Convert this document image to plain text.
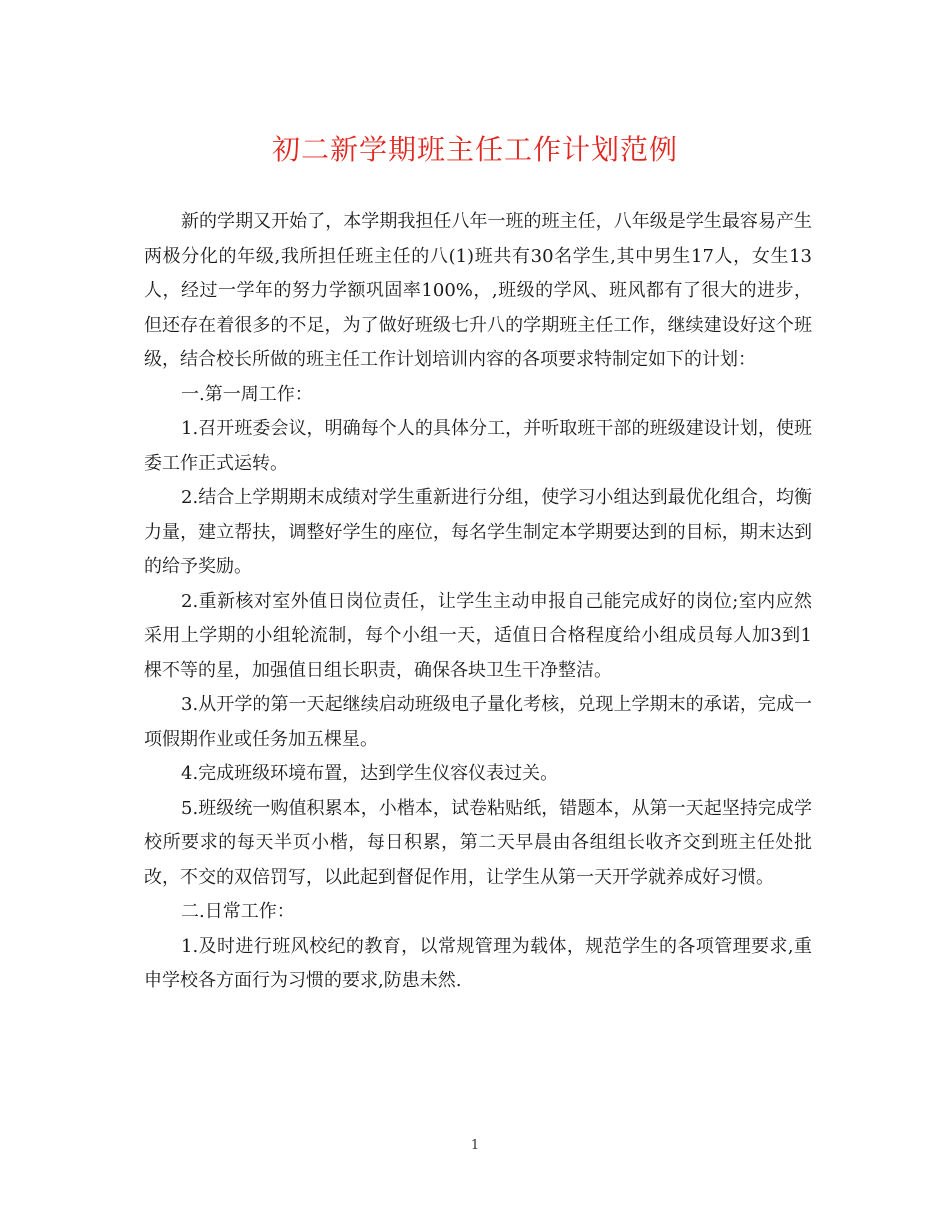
初二新学期班主任工作计划范例

新的学期又开始了，本学期我担任八年一班的班主任，八年级是学生最容易产生两极分化的年级,我所担任班主任的八(1)班共有30名学生,其中男生17人，女生13人，经过一学年的努力学额巩固率100%，,班级的学风、班风都有了很大的进步，但还存在着很多的不足，为了做好班级七升八的学期班主任工作，继续建设好这个班级，结合校长所做的班主任工作计划培训内容的各项要求特制定如下的计划：

一.第一周工作：

1.召开班委会议，明确每个人的具体分工，并听取班干部的班级建设计划，使班委工作正式运转。

2.结合上学期期末成绩对学生重新进行分组，使学习小组达到最优化组合，均衡力量，建立帮扶，调整好学生的座位，每名学生制定本学期要达到的目标，期末达到的给予奖励。

2.重新核对室外值日岗位责任，让学生主动申报自己能完成好的岗位;室内应然采用上学期的小组轮流制，每个小组一天，适值日合格程度给小组成员每人加3到1棵不等的星，加强值日组长职责，确保各块卫生干净整洁。

3.从开学的第一天起继续启动班级电子量化考核，兑现上学期末的承诺，完成一项假期作业或任务加五棵星。

4.完成班级环境布置，达到学生仪容仪表过关。

5.班级统一购值积累本，小楷本，试卷粘贴纸，错题本，从第一天起坚持完成学校所要求的每天半页小楷，每日积累，第二天早晨由各组组长收齐交到班主任处批改，不交的双倍罚写，以此起到督促作用，让学生从第一天开学就养成好习惯。

二.日常工作：

1.及时进行班风校纪的教育，以常规管理为载体，规范学生的各项管理要求,重申学校各方面行为习惯的要求,防患未然.

1
